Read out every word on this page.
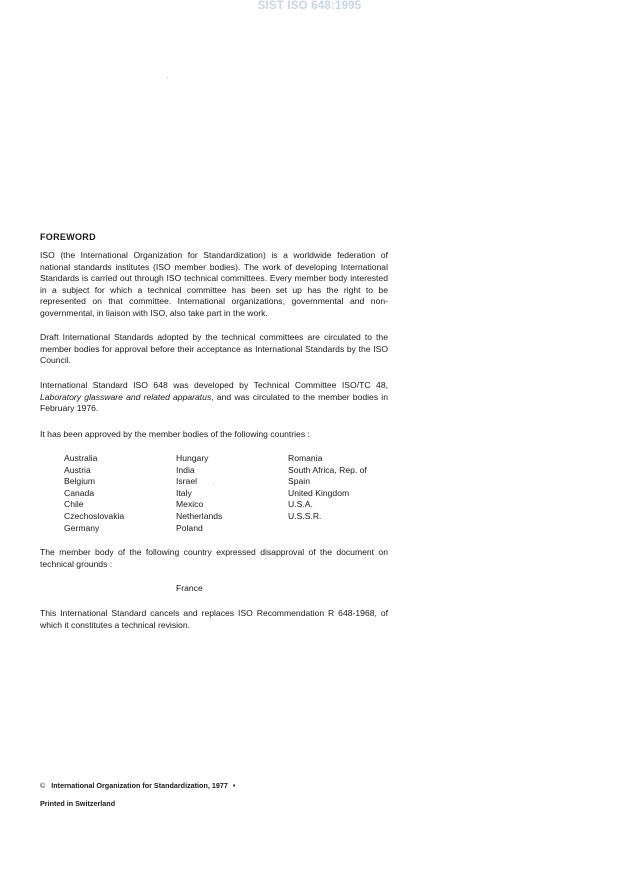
SIST ISO 648:1995
FOREWORD

ISO (the International Organization for Standardization) is a worldwide federation of national standards institutes (ISO member bodies). The work of developing International Standards is carried out through ISO technical committees. Every member body interested in a subject for which a technical committee has been set up has the right to be represented on that committee. International organizations, governmental and non-governmental, in liaison with ISO, also take part in the work.

Draft International Standards adopted by the technical committees are circulated to the member bodies for approval before their acceptance as International Standards by the ISO Council.

International Standard ISO 648 was developed by Technical Committee ISO/TC 48, Laboratory glassware and related apparatus, and was circulated to the member bodies in February 1976.

It has been approved by the member bodies of the following countries :

Australia
Austria
Belgium
Canada
Chile
Czechoslovakia
Germany
Hungary
India
Israel
Italy
Mexico
Netherlands
Poland
Romania
South Africa, Rep. of
Spain
United Kingdom
U.S.A.
U.S.S.R.

The member body of the following country expressed disapproval of the document on technical grounds :

France

This International Standard cancels and replaces ISO Recommendation R 648-1968, of which it constitutes a technical revision.

© International Organization for Standardization, 1977 •
Printed in Switzerland
